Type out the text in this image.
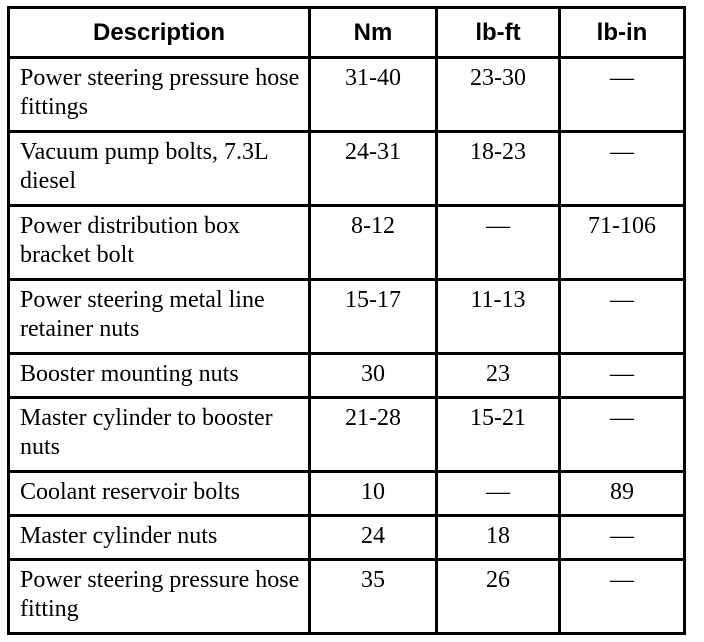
Description	Nm	lb-ft	lb-in
Power steering pressure hose fittings	31-40	23-30	—
Vacuum pump bolts, 7.3L diesel	24-31	18-23	—
Power distribution box bracket bolt	8-12	—	71-106
Power steering metal line retainer nuts	15-17	11-13	—
Booster mounting nuts	30	23	—
Master cylinder to booster nuts	21-28	15-21	—
Coolant reservoir bolts	10	—	89
Master cylinder nuts	24	18	—
Power steering pressure hose fitting	35	26	—
